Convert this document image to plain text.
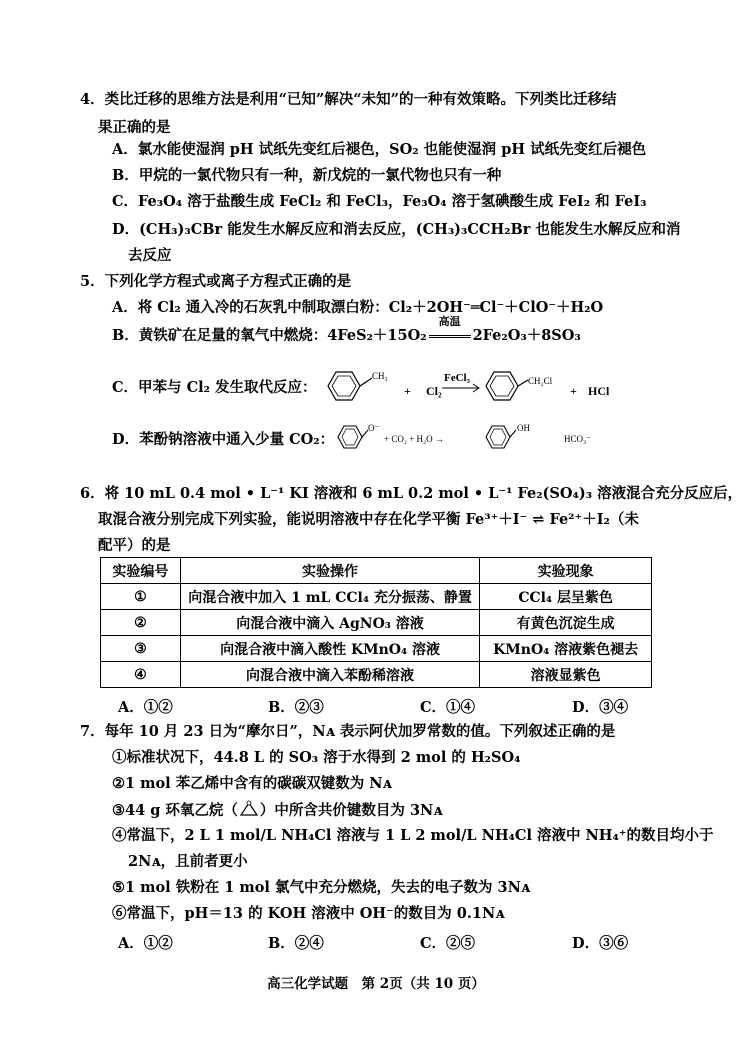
4．类比迁移的思维方法是利用“已知”解决“未知”的一种有效策略。下列类比迁移结
果正确的是
A．氯水能使湿润 pH 试纸先变红后褪色，SO₂ 也能使湿润 pH 试纸先变红后褪色
B．甲烷的一氯代物只有一种，新戊烷的一氯代物也只有一种
C．Fe₃O₄ 溶于盐酸生成 FeCl₂ 和 FeCl₃，Fe₃O₄ 溶于氢碘酸生成 FeI₂ 和 FeI₃
D．(CH₃)₃CBr 能发生水解反应和消去反应，(CH₃)₃CCH₂Br 也能发生水解反应和消
去反应
5．下列化学方程式或离子方程式正确的是
A．将 Cl₂ 通入冷的石灰乳中制取漂白粉：Cl₂＋2OH⁻═Cl⁻＋ClO⁻＋H₂O
B．黄铁矿在足量的氧气中燃烧：4FeS₂＋15O₂
高温
2Fe₂O₃＋8SO₃
C．甲苯与 Cl₂ 发生取代反应：
CH₃
+ Cl₂
FeCl₃	CH₂Cl
+ HCl
D．苯酚钠溶液中通入少量 CO₂：
O⁻
+ CO₂ + H₂O →
OH
HCO₃⁻
6．将 10 mL 0.4 mol • L⁻¹ KI 溶液和 6 mL 0.2 mol • L⁻¹ Fe₂(SO₄)₃ 溶液混合充分反应后，
取混合液分别完成下列实验，能说明溶液中存在化学平衡 Fe³⁺＋I⁻ ⇌ Fe²⁺＋I₂（未
配平）的是
实验编号	实验操作	实验现象
①	向混合液中加入 1 mL CCl₄ 充分振荡、静置	CCl₄ 层呈紫色
②	向混合液中滴入 AgNO₃ 溶液	有黄色沉淀生成
③	向混合液中滴入酸性 KMnO₄ 溶液	KMnO₄ 溶液紫色褪去
④	向混合液中滴入苯酚稀溶液	溶液显紫色
A．①②	B．②③	C．①④	D．③④
7．每年 10 月 23 日为“摩尔日”，Nᴀ 表示阿伏加罗常数的值。下列叙述正确的是
①标准状况下，44.8 L 的 SO₃ 溶于水得到 2 mol 的 H₂SO₄
②1 mol 苯乙烯中含有的碳碳双键数为 Nᴀ
③44 g 环氧乙烷（ ）中所含共价键数目为 3Nᴀ
④常温下，2 L 1 mol/L NH₄Cl 溶液与 1 L 2 mol/L NH₄Cl 溶液中 NH₄⁺的数目均小于
2Nᴀ，且前者更小
⑤1 mol 铁粉在 1 mol 氯气中充分燃烧，失去的电子数为 3Nᴀ
⑥常温下，pH＝13 的 KOH 溶液中 OH⁻的数目为 0.1Nᴀ
A．①②	B．②④	C．②⑤	D．③⑥
高三化学试题　第 2页（共 10 页）
